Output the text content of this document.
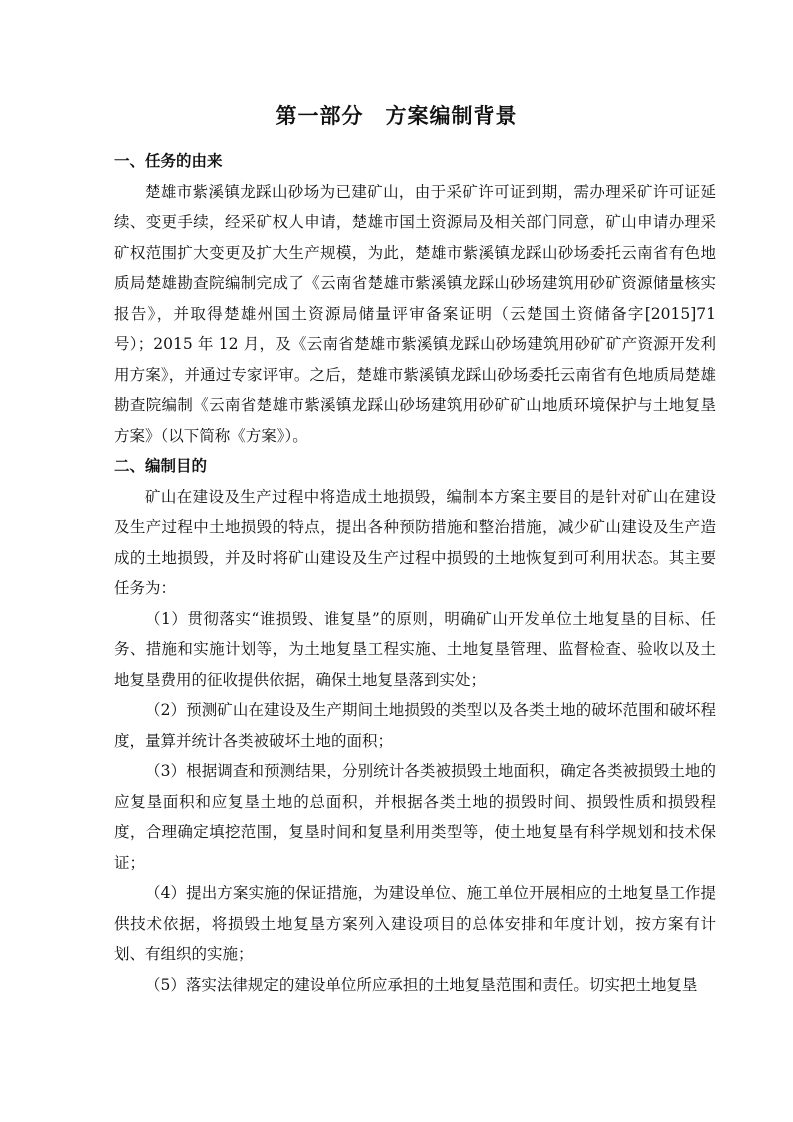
第一部分　方案编制背景
一、任务的由来

楚雄市紫溪镇龙踩山砂场为已建矿山，由于采矿许可证到期，需办理采矿许可证延续、变更手续，经采矿权人申请，楚雄市国土资源局及相关部门同意，矿山申请办理采矿权范围扩大变更及扩大生产规模，为此，楚雄市紫溪镇龙踩山砂场委托云南省有色地质局楚雄勘查院编制完成了《云南省楚雄市紫溪镇龙踩山砂场建筑用砂矿资源储量核实报告》，并取得楚雄州国土资源局储量评审备案证明（云楚国土资储备字[2015]71 号）；2015 年 12 月，及《云南省楚雄市紫溪镇龙踩山砂场建筑用砂矿矿产资源开发利用方案》，并通过专家评审。之后，楚雄市紫溪镇龙踩山砂场委托云南省有色地质局楚雄勘查院编制《云南省楚雄市紫溪镇龙踩山砂场建筑用砂矿矿山地质环境保护与土地复垦方案》（以下简称《方案》）。

二、编制目的

矿山在建设及生产过程中将造成土地损毁，编制本方案主要目的是针对矿山在建设及生产过程中土地损毁的特点，提出各种预防措施和整治措施，减少矿山建设及生产造成的土地损毁，并及时将矿山建设及生产过程中损毁的土地恢复到可利用状态。其主要任务为：

（1）贯彻落实“谁损毁、谁复垦”的原则，明确矿山开发单位土地复垦的目标、任务、措施和实施计划等，为土地复垦工程实施、土地复垦管理、监督检查、验收以及土地复垦费用的征收提供依据，确保土地复垦落到实处；

（2）预测矿山在建设及生产期间土地损毁的类型以及各类土地的破坏范围和破坏程度，量算并统计各类被破坏土地的面积；

（3）根据调查和预测结果，分别统计各类被损毁土地面积，确定各类被损毁土地的应复垦面积和应复垦土地的总面积，并根据各类土地的损毁时间、损毁性质和损毁程度，合理确定填挖范围，复垦时间和复垦利用类型等，使土地复垦有科学规划和技术保证；

（4）提出方案实施的保证措施，为建设单位、施工单位开展相应的土地复垦工作提供技术依据，将损毁土地复垦方案列入建设项目的总体安排和年度计划，按方案有计划、有组织的实施；

（5）落实法律规定的建设单位所应承担的土地复垦范围和责任。切实把土地复垦
